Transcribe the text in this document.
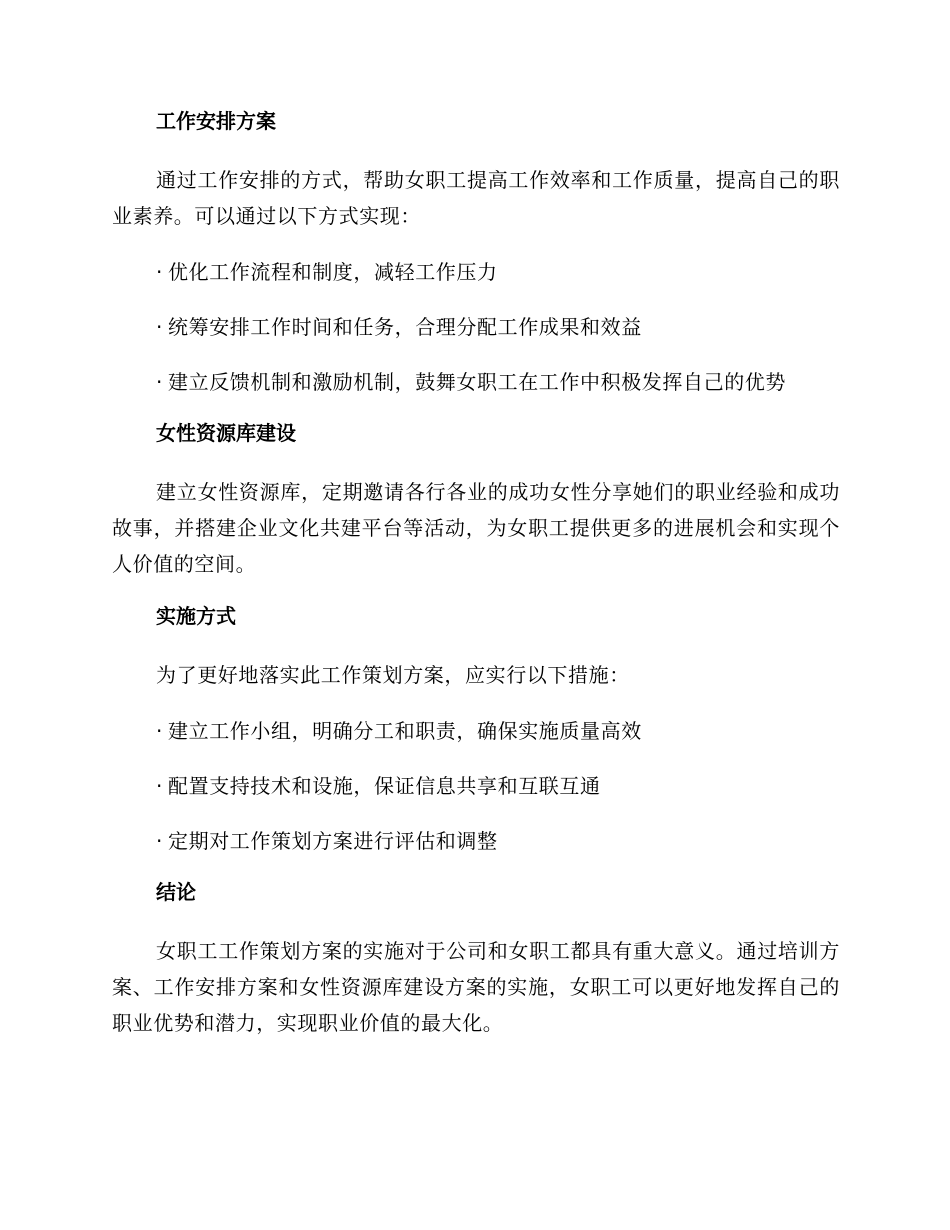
工作安排方案
通过工作安排的方式，帮助女职工提高工作效率和工作质量，提高自己的职业素养。可以通过以下方式实现：
· 优化工作流程和制度，减轻工作压力
· 统筹安排工作时间和任务，合理分配工作成果和效益
· 建立反馈机制和激励机制，鼓舞女职工在工作中积极发挥自己的优势
女性资源库建设
建立女性资源库，定期邀请各行各业的成功女性分享她们的职业经验和成功故事，并搭建企业文化共建平台等活动，为女职工提供更多的进展机会和实现个人价值的空间。
实施方式
为了更好地落实此工作策划方案，应实行以下措施：
· 建立工作小组，明确分工和职责，确保实施质量高效
· 配置支持技术和设施，保证信息共享和互联互通
· 定期对工作策划方案进行评估和调整
结论
女职工工作策划方案的实施对于公司和女职工都具有重大意义。通过培训方案、工作安排方案和女性资源库建设方案的实施，女职工可以更好地发挥自己的职业优势和潜力，实现职业价值的最大化。
